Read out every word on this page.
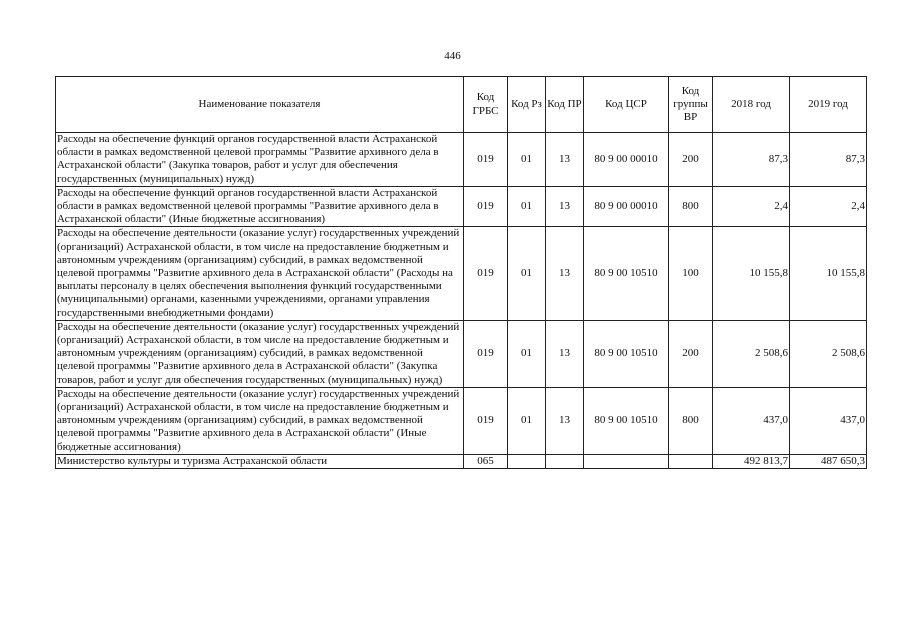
446
Наименование показателя	Код ГРБС	Код Рз	Код ПР	Код ЦСР	Код группы ВР	2018 год	2019 год
Расходы на обеспечение функций органов государственной власти Астраханской области в рамках ведомственной целевой программы "Развитие архивного дела в Астраханской области" (Закупка товаров, работ и услуг для обеспечения государственных (муниципальных) нужд)	019	01	13	80 9 00 00010	200	87,3	87,3
Расходы на обеспечение функций органов государственной власти Астраханской области в рамках ведомственной целевой программы "Развитие архивного дела в Астраханской области" (Иные бюджетные ассигнования)	019	01	13	80 9 00 00010	800	2,4	2,4
Расходы на обеспечение деятельности (оказание услуг) государственных учреждений (организаций) Астраханской области, в том числе на предоставление бюджетным и автономным учреждениям (организациям) субсидий, в рамках ведомственной целевой программы "Развитие архивного дела в Астраханской области" (Расходы на выплаты персоналу в целях обеспечения выполнения функций государственными (муниципальными) органами, казенными учреждениями, органами управления государственными внебюджетными фондами)	019	01	13	80 9 00 10510	100	10 155,8	10 155,8
Расходы на обеспечение деятельности (оказание услуг) государственных учреждений (организаций) Астраханской области, в том числе на предоставление бюджетным и автономным учреждениям (организациям) субсидий, в рамках ведомственной целевой программы "Развитие архивного дела в Астраханской области" (Закупка товаров, работ и услуг для обеспечения государственных (муниципальных) нужд)	019	01	13	80 9 00 10510	200	2 508,6	2 508,6
Расходы на обеспечение деятельности (оказание услуг) государственных учреждений (организаций) Астраханской области, в том числе на предоставление бюджетным и автономным учреждениям (организациям) субсидий, в рамках ведомственной целевой программы "Развитие архивного дела в Астраханской области" (Иные бюджетные ассигнования)	019	01	13	80 9 00 10510	800	437,0	437,0
Министерство культуры и туризма Астраханской области	065					492 813,7	487 650,3
